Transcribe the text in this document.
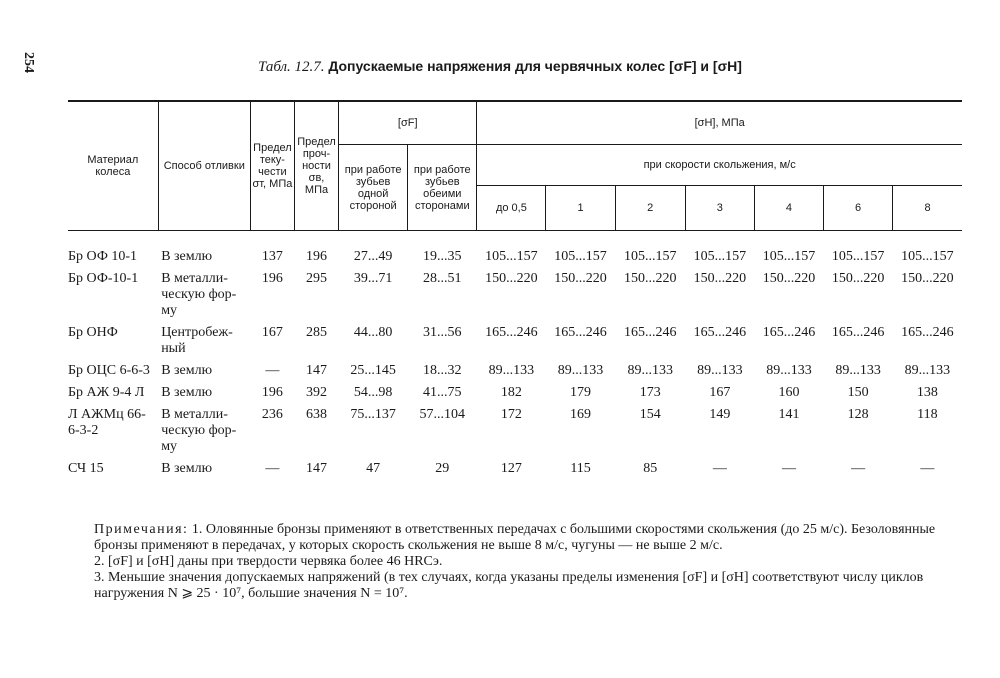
254	Табл. 12.7. Допускаемые напряжения для червячных колес [σF] и [σH]
Материал колеса	Способ отливки	Предел теку-чести σт, МПа	Предел проч-ности σв, МПа	[σF]		[σH], МПа						
				при работе зубьев одной стороной	при работе зубьев обеими сторонами	при скорости скольжения, м/с						
						до 0,5	1	2	3	4	6	8
Бр ОФ 10-1	В землю	137	196	27...49	19...35	105...157	105...157	105...157	105...157	105...157	105...157	105...157
Бр ОФ-10-1	В металли-ческую фор-му	196	295	39...71	28...51	150...220	150...220	150...220	150...220	150...220	150...220	150...220
Бр ОНФ	Центробеж-ный	167	285	44...80	31...56	165...246	165...246	165...246	165...246	165...246	165...246	165...246
Бр ОЦС 6-6-3	В землю	—	147	25...145	18...32	89...133	89...133	89...133	89...133	89...133	89...133	89...133
Бр АЖ 9-4 Л	В землю	196	392	54...98	41...75	182	179	173	167	160	150	138
Л АЖМц 66-6-3-2	В металли-ческую фор-му	236	638	75...137	57...104	172	169	154	149	141	128	118
СЧ 15	В землю	—	147	47	29	127	115	85	—	—	—	—

Примечания: 1. Оловянные бронзы применяют в ответственных передачах с большими скоростями скольжения (до 25 м/с). Безоловянные бронзы применяют в передачах, у которых скорость скольжения не выше 8 м/с, чугуны — не выше 2 м/с.

2. [σF] и [σH] даны при твердости червяка более 46 HRCэ.

3. Меньшие значения допускаемых напряжений (в тех случаях, когда указаны пределы изменения [σF] и [σH] соответствуют числу циклов нагружения N ⩾ 25 · 10⁷, большие значения N = 10⁷.
